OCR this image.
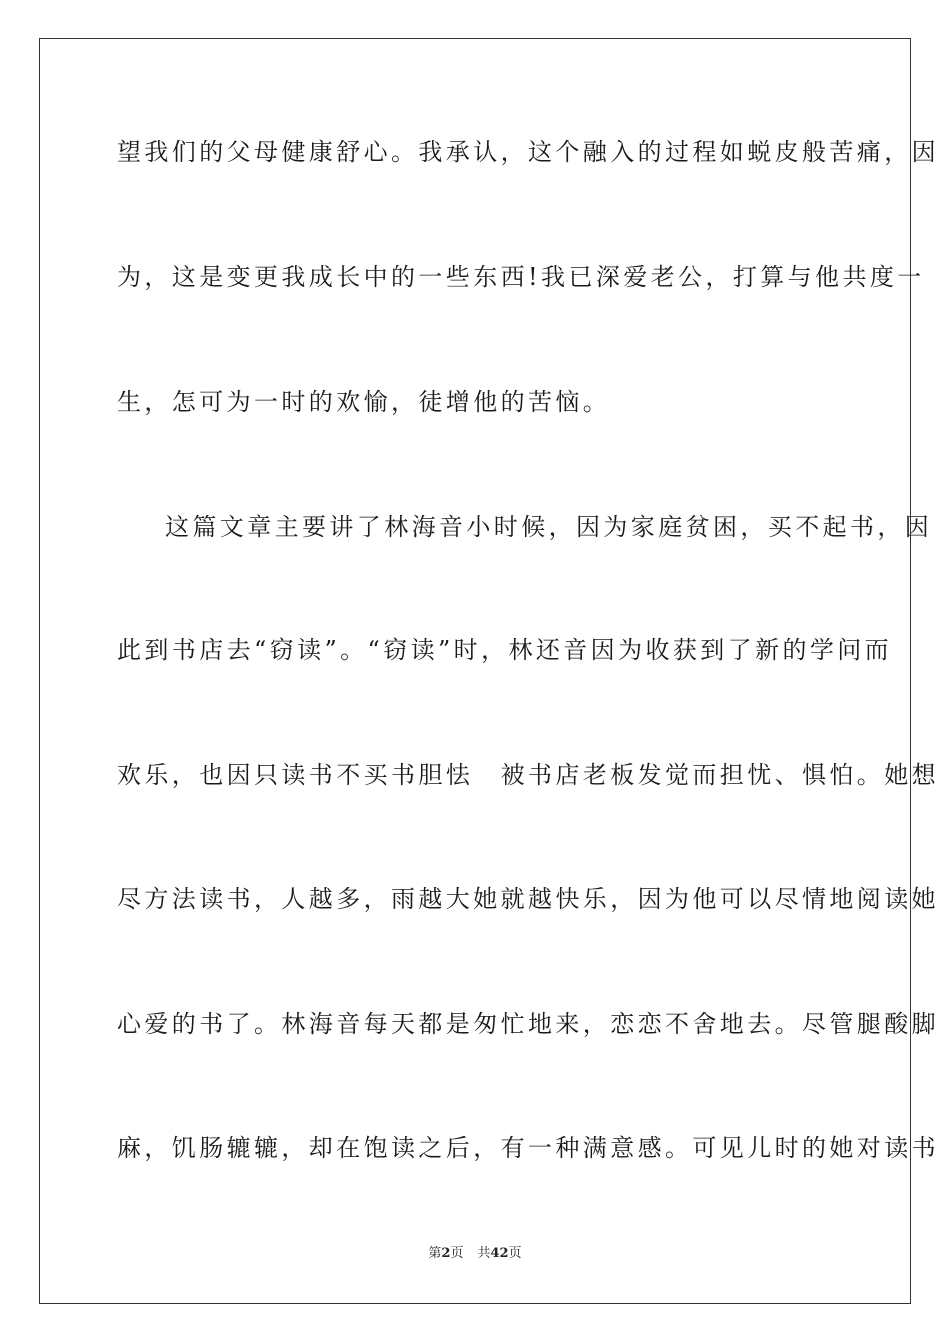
望我们的父母健康舒心。我承认，这个融入的过程如蜕皮般苦痛，因
为，这是变更我成长中的一些东西!我已深爱老公，打算与他共度一
生，怎可为一时的欢愉，徒增他的苦恼。
这篇文章主要讲了林海音小时候，因为家庭贫困，买不起书，因
此到书店去“窃读”。“窃读”时，林还音因为收获到了新的学问而
欢乐，也因只读书不买书胆怯　被书店老板发觉而担忧、惧怕。她想
尽方法读书，人越多，雨越大她就越快乐，因为他可以尽情地阅读她
心爱的书了。林海音每天都是匆忙地来，恋恋不舍地去。尽管腿酸脚
麻，饥肠辘辘，却在饱读之后，有一种满意感。可见儿时的她对读书
第2页 共42页
